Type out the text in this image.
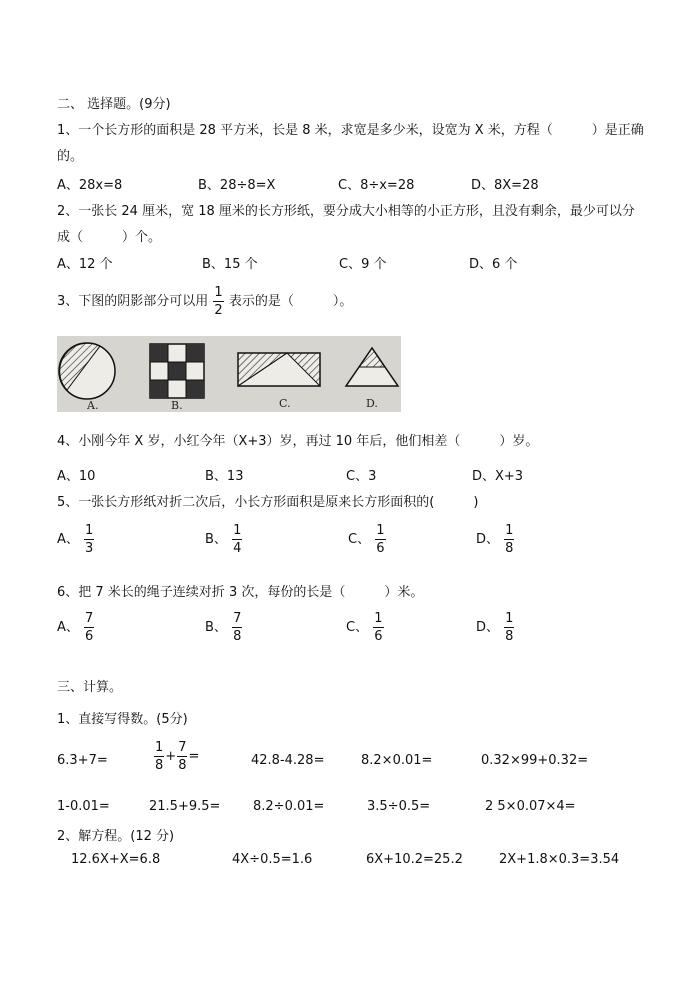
二、 选择题。(9分)
1、一个长方形的面积是 28 平方米，长是 8 米，求宽是多少米，设宽为 X 米，方程（　　　）是正确的。
A、28x=8	B、28÷8=X	C、8÷x=28	D、8X=28
2、一张长 24 厘米，宽 18 厘米的长方形纸，要分成大小相等的小正方形，且没有剩余，最少可以分成（　　　）个。
A、12 个	B、15 个	C、9 个	D、6 个
3、下图的阴影部分可以用 $\frac{1}{2}$ 表示的是（　　　）。
A.	B.	C.	D.
4、小刚今年 X 岁，小红今年（X+3）岁，再过 10 年后，他们相差（　　　）岁。
A、10	B、13	C、3	D、X+3
5、一张长方形纸对折二次后，小长方形面积是原来长方形面积的(　　　)
A、 $\frac{1}{3}$	B、 $\frac{1}{4}$	C、 $\frac{1}{6}$	D、 $\frac{1}{8}$
6、把 7 米长的绳子连续对折 3 次，每份的长是（　　　）米。
A、 $\frac{7}{6}$	B、 $\frac{7}{8}$	C、 $\frac{1}{6}$	D、 $\frac{1}{8}$
三、计算。
1、直接写得数。(5分)
6.3+7=	$\frac{1}{8} + \frac{7}{8}$ =	42.8-4.28=	8.2×0.01=	0.32×99+0.32=
1-0.01=	21.5+9.5=	8.2÷0.01=	3.5÷0.5=	2 5×0.07×4=
2、解方程。(12 分)
12.6X+X=6.8	4X÷0.5=1.6	6X+10.2=25.2	2X+1.8×0.3=3.54
